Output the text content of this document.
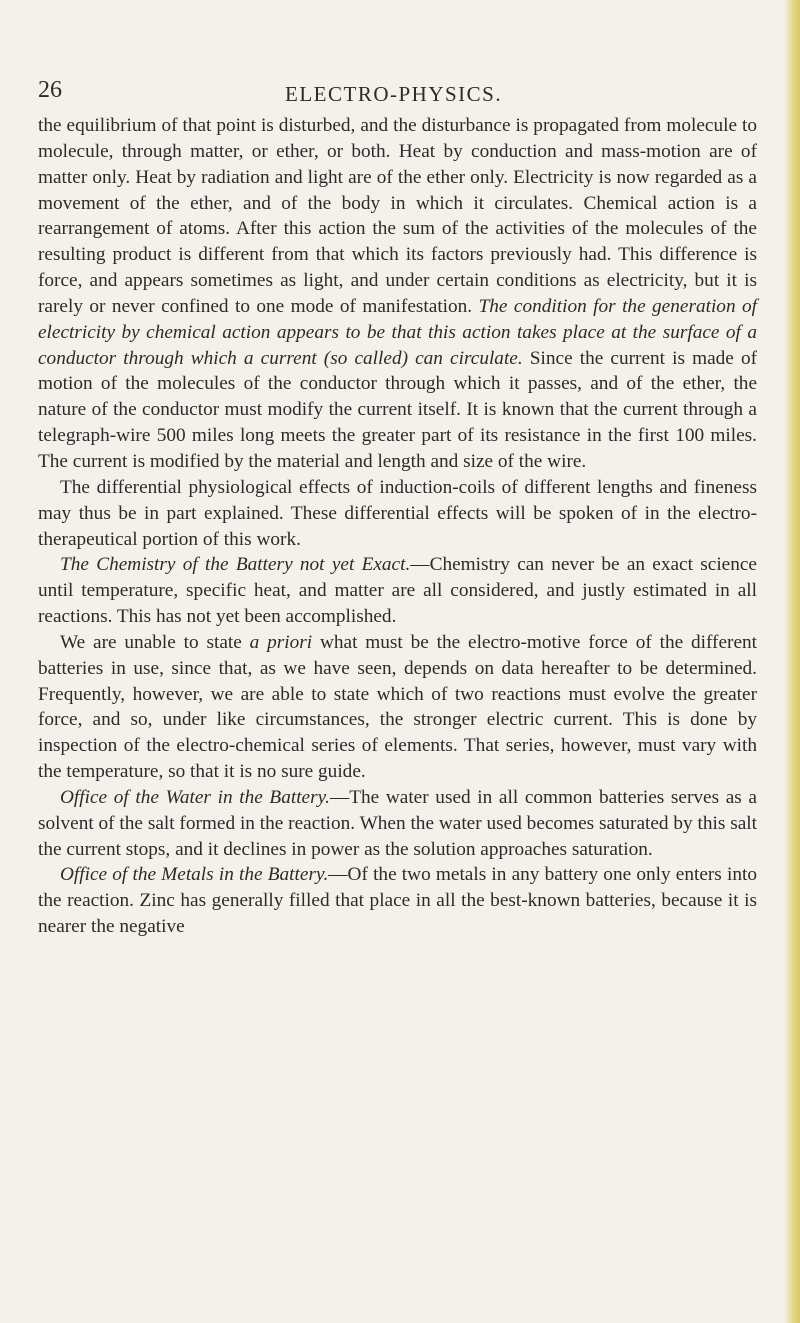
26	ELECTRO-PHYSICS.

the equilibrium of that point is disturbed, and the disturbance is propagated from molecule to molecule, through matter, or ether, or both. Heat by conduction and mass-motion are of matter only. Heat by radiation and light are of the ether only. Electricity is now regarded as a movement of the ether, and of the body in which it circulates. Chemical action is a rearrangement of atoms. After this action the sum of the activities of the molecules of the resulting product is different from that which its factors previously had. This difference is force, and appears sometimes as light, and under certain conditions as electricity, but it is rarely or never confined to one mode of manifestation. The condition for the generation of electricity by chemical action appears to be that this action takes place at the surface of a conductor through which a current (so called) can circulate. Since the current is made of motion of the molecules of the conductor through which it passes, and of the ether, the nature of the conductor must modify the current itself. It is known that the current through a telegraph-wire 500 miles long meets the greater part of its resistance in the first 100 miles. The current is modified by the material and length and size of the wire.

The differential physiological effects of induction-coils of different lengths and fineness may thus be in part explained. These differential effects will be spoken of in the electro-therapeutical portion of this work.

The Chemistry of the Battery not yet Exact.—Chemistry can never be an exact science until temperature, specific heat, and matter are all considered, and justly estimated in all reactions. This has not yet been accomplished.

We are unable to state a priori what must be the electro-motive force of the different batteries in use, since that, as we have seen, depends on data hereafter to be determined. Frequently, however, we are able to state which of two reactions must evolve the greater force, and so, under like circumstances, the stronger electric current. This is done by inspection of the electro-chemical series of elements. That series, however, must vary with the temperature, so that it is no sure guide.

Office of the Water in the Battery.—The water used in all common batteries serves as a solvent of the salt formed in the reaction. When the water used becomes saturated by this salt the current stops, and it declines in power as the solution approaches saturation.

Office of the Metals in the Battery.—Of the two metals in any battery one only enters into the reaction. Zinc has generally filled that place in all the best-known batteries, because it is nearer the negative
